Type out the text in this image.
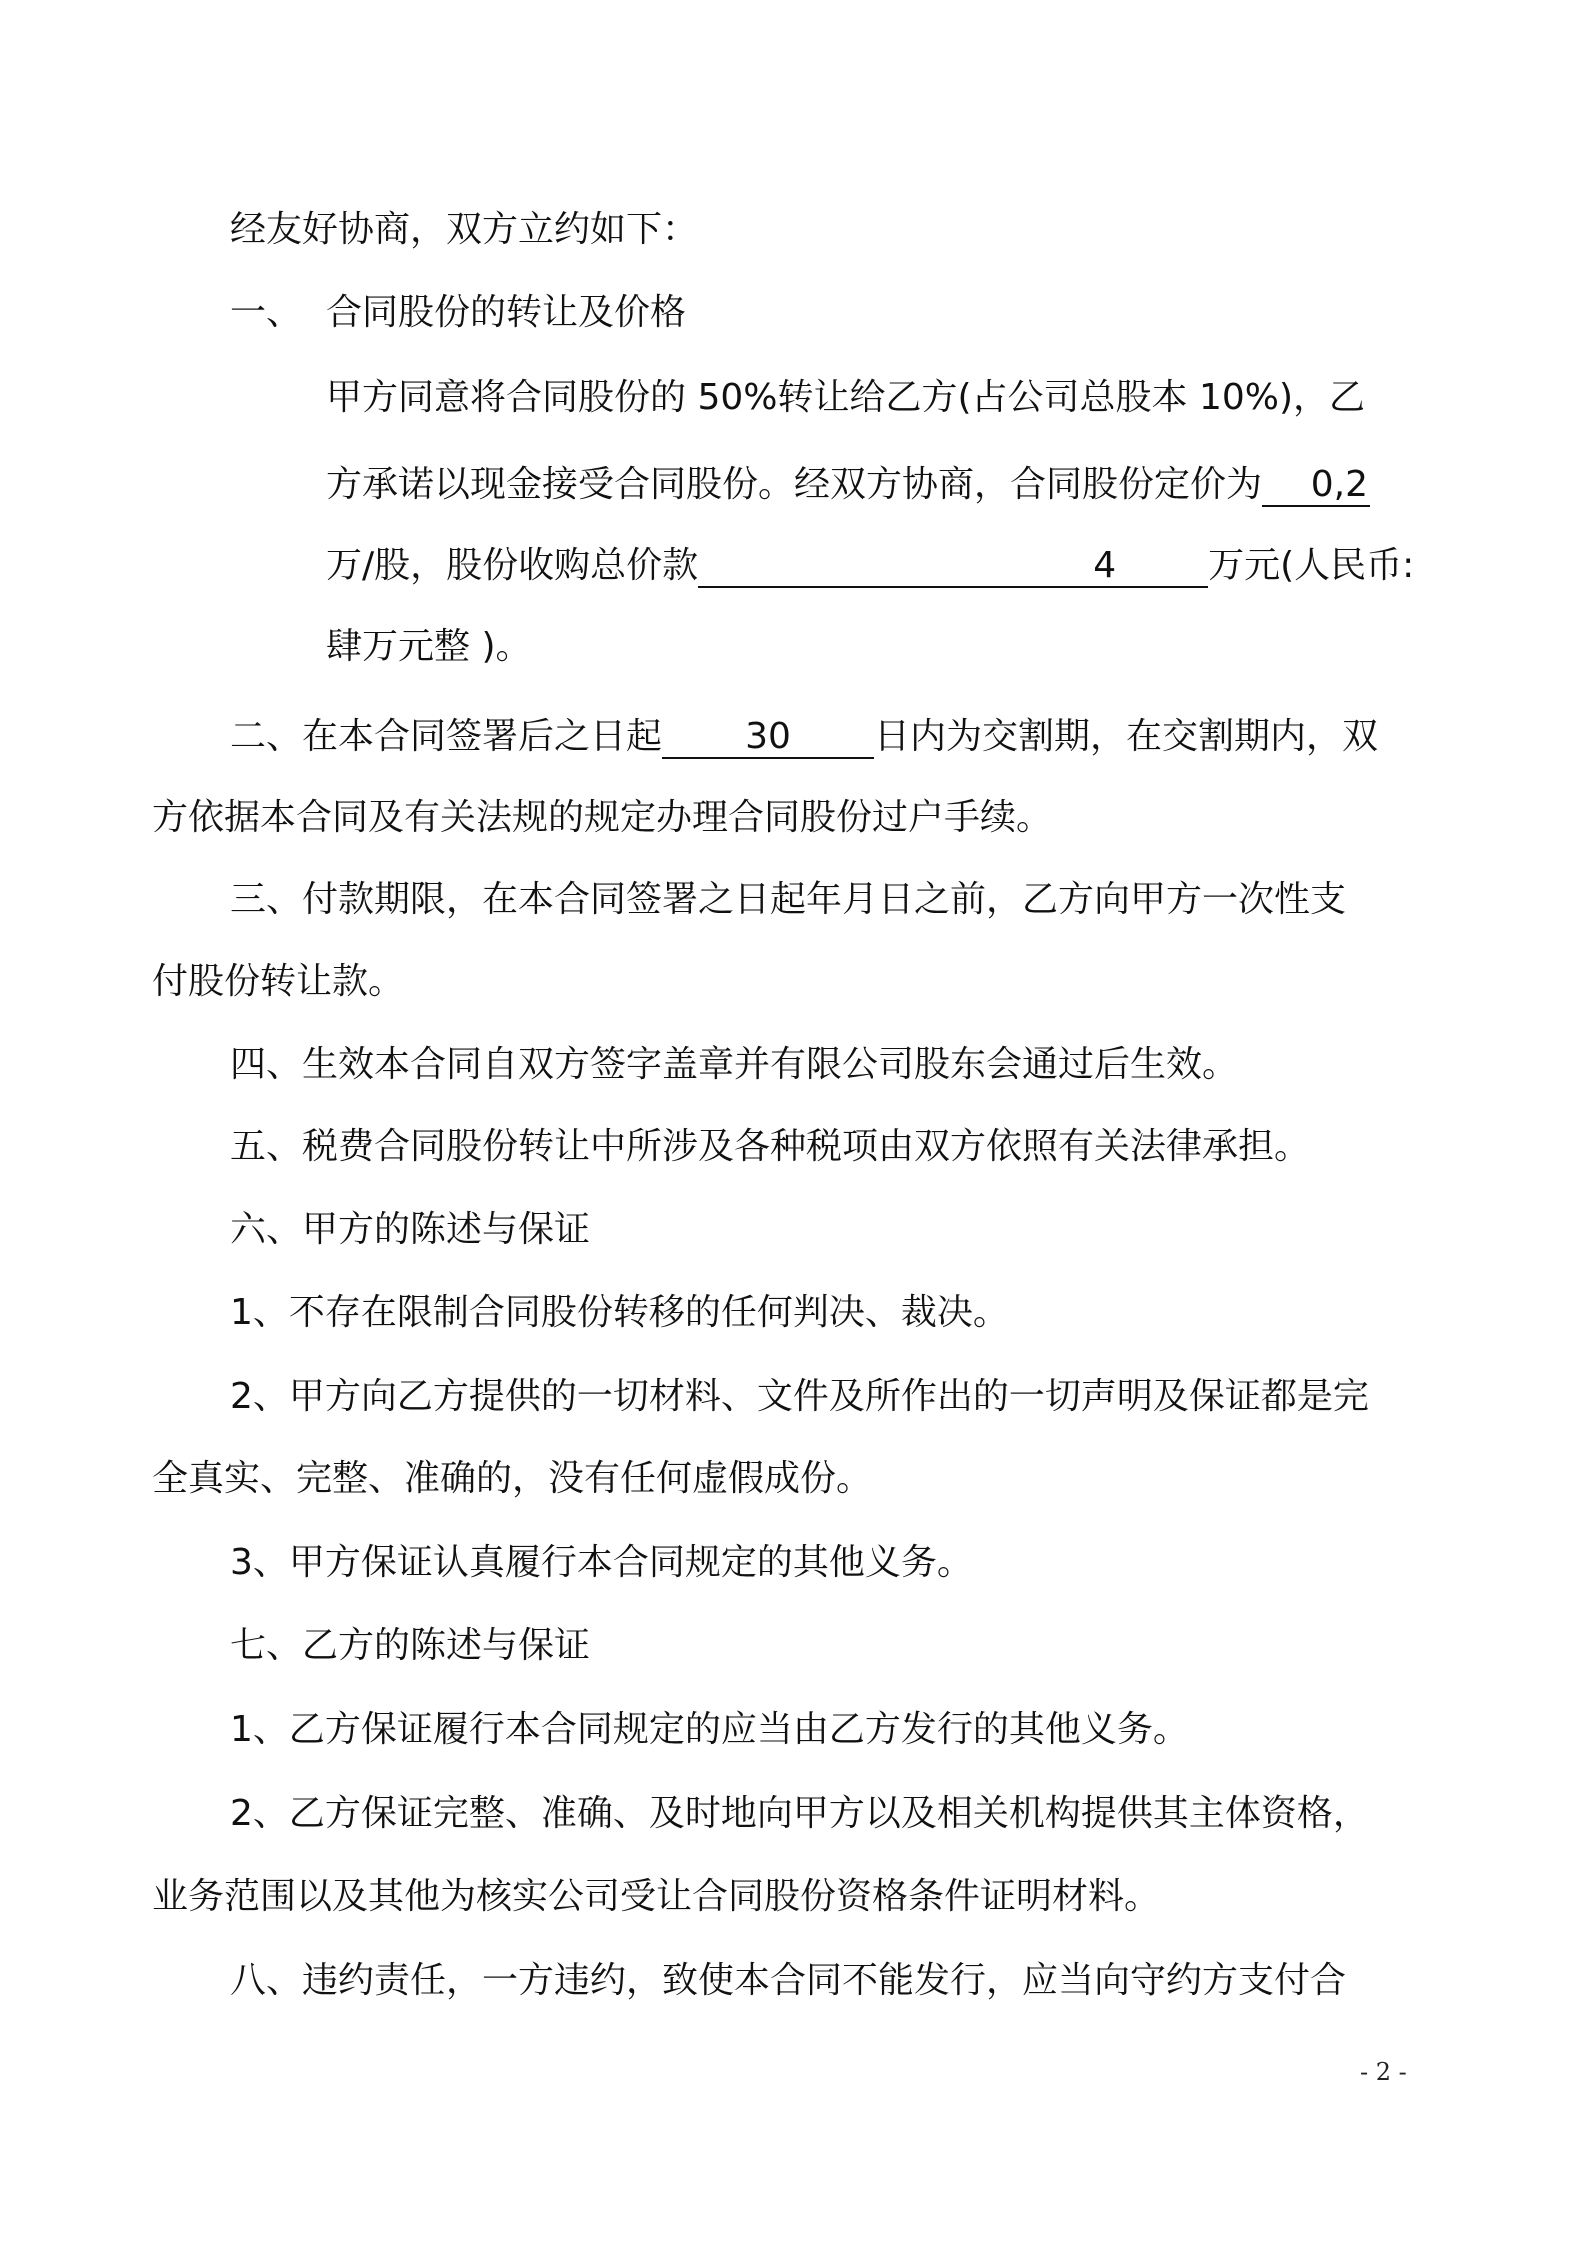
经友好协商，双方立约如下：
一、 合同股份的转让及价格
甲方同意将合同股份的 50%转让给乙方(占公司总股本 10%)，乙
方承诺以现金接受合同股份。经双方协商，合同股份定价为 0,2
万/股，股份收购总价款	4	万元(人民币:
肆万元整 )。
二、在本合同签署后之日起 30 日内为交割期，在交割期内，双
方依据本合同及有关法规的规定办理合同股份过户手续。
三、付款期限，在本合同签署之日起年月日之前，乙方向甲方一次性支
付股份转让款。
四、生效本合同自双方签字盖章并有限公司股东会通过后生效。
五、税费合同股份转让中所涉及各种税项由双方依照有关法律承担。
六、甲方的陈述与保证
1、不存在限制合同股份转移的任何判决、裁决。
2、甲方向乙方提供的一切材料、文件及所作出的一切声明及保证都是完
全真实、完整、准确的，没有任何虚假成份。
3、甲方保证认真履行本合同规定的其他义务。
七、乙方的陈述与保证
1、乙方保证履行本合同规定的应当由乙方发行的其他义务。
2、乙方保证完整、准确、及时地向甲方以及相关机构提供其主体资格，
业务范围以及其他为核实公司受让合同股份资格条件证明材料。
八、违约责任，一方违约，致使本合同不能发行，应当向守约方支付合
- 2 -
